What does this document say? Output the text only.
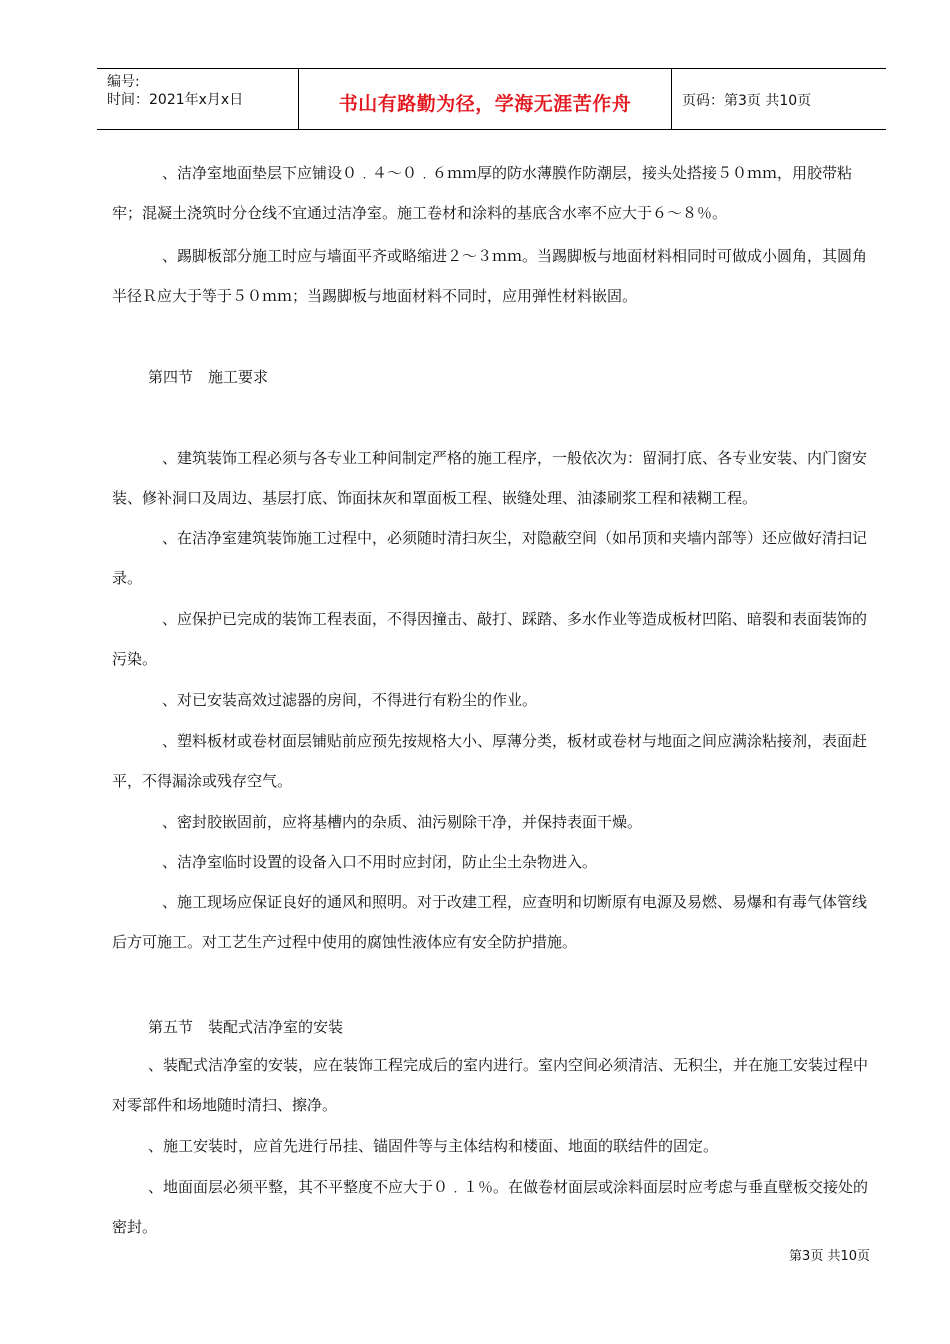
编号:
时间：2021年x月x日	书山有路勤为径，学海无涯苦作舟	页码：第3页 共10页

、洁净室地面垫层下应铺设０﹒４～０﹒６ｍｍ厚的防水薄膜作防潮层，接头处搭接５０ｍｍ，用胶带粘牢；混凝土浇筑时分仓线不宜通过洁净室。施工卷材和涂料的基底含水率不应大于６～８％。

、踢脚板部分施工时应与墙面平齐或略缩进２～３ｍｍ。当踢脚板与地面材料相同时可做成小圆角，其圆角半径Ｒ应大于等于５０ｍｍ；当踢脚板与地面材料不同时，应用弹性材料嵌固。

第四节　施工要求

、建筑装饰工程必须与各专业工种间制定严格的施工程序，一般依次为：留洞打底、各专业安装、内门窗安装、修补洞口及周边、基层打底、饰面抹灰和罩面板工程、嵌缝处理、油漆刷浆工程和裱糊工程。

、在洁净室建筑装饰施工过程中，必须随时清扫灰尘，对隐蔽空间（如吊顶和夹墙内部等）还应做好清扫记录。

、应保护已完成的装饰工程表面，不得因撞击、敲打、踩踏、多水作业等造成板材凹陷、暗裂和表面装饰的污染。

、对已安装高效过滤器的房间，不得进行有粉尘的作业。

、塑料板材或卷材面层铺贴前应预先按规格大小、厚薄分类，板材或卷材与地面之间应满涂粘接剂，表面赶平，不得漏涂或残存空气。

、密封胶嵌固前，应将基槽内的杂质、油污剔除干净，并保持表面干燥。

、洁净室临时设置的设备入口不用时应封闭，防止尘土杂物进入。

、施工现场应保证良好的通风和照明。对于改建工程，应查明和切断原有电源及易燃、易爆和有毒气体管线后方可施工。对工艺生产过程中使用的腐蚀性液体应有安全防护措施。

第五节　装配式洁净室的安装

、装配式洁净室的安装，应在装饰工程完成后的室内进行。室内空间必须清洁、无积尘，并在施工安装过程中对零部件和场地随时清扫、擦净。

、施工安装时，应首先进行吊挂、锚固件等与主体结构和楼面、地面的联结件的固定。

、地面面层必须平整，其不平整度不应大于０﹒１％。在做卷材面层或涂料面层时应考虑与垂直壁板交接处的密封。

第3页 共10页
